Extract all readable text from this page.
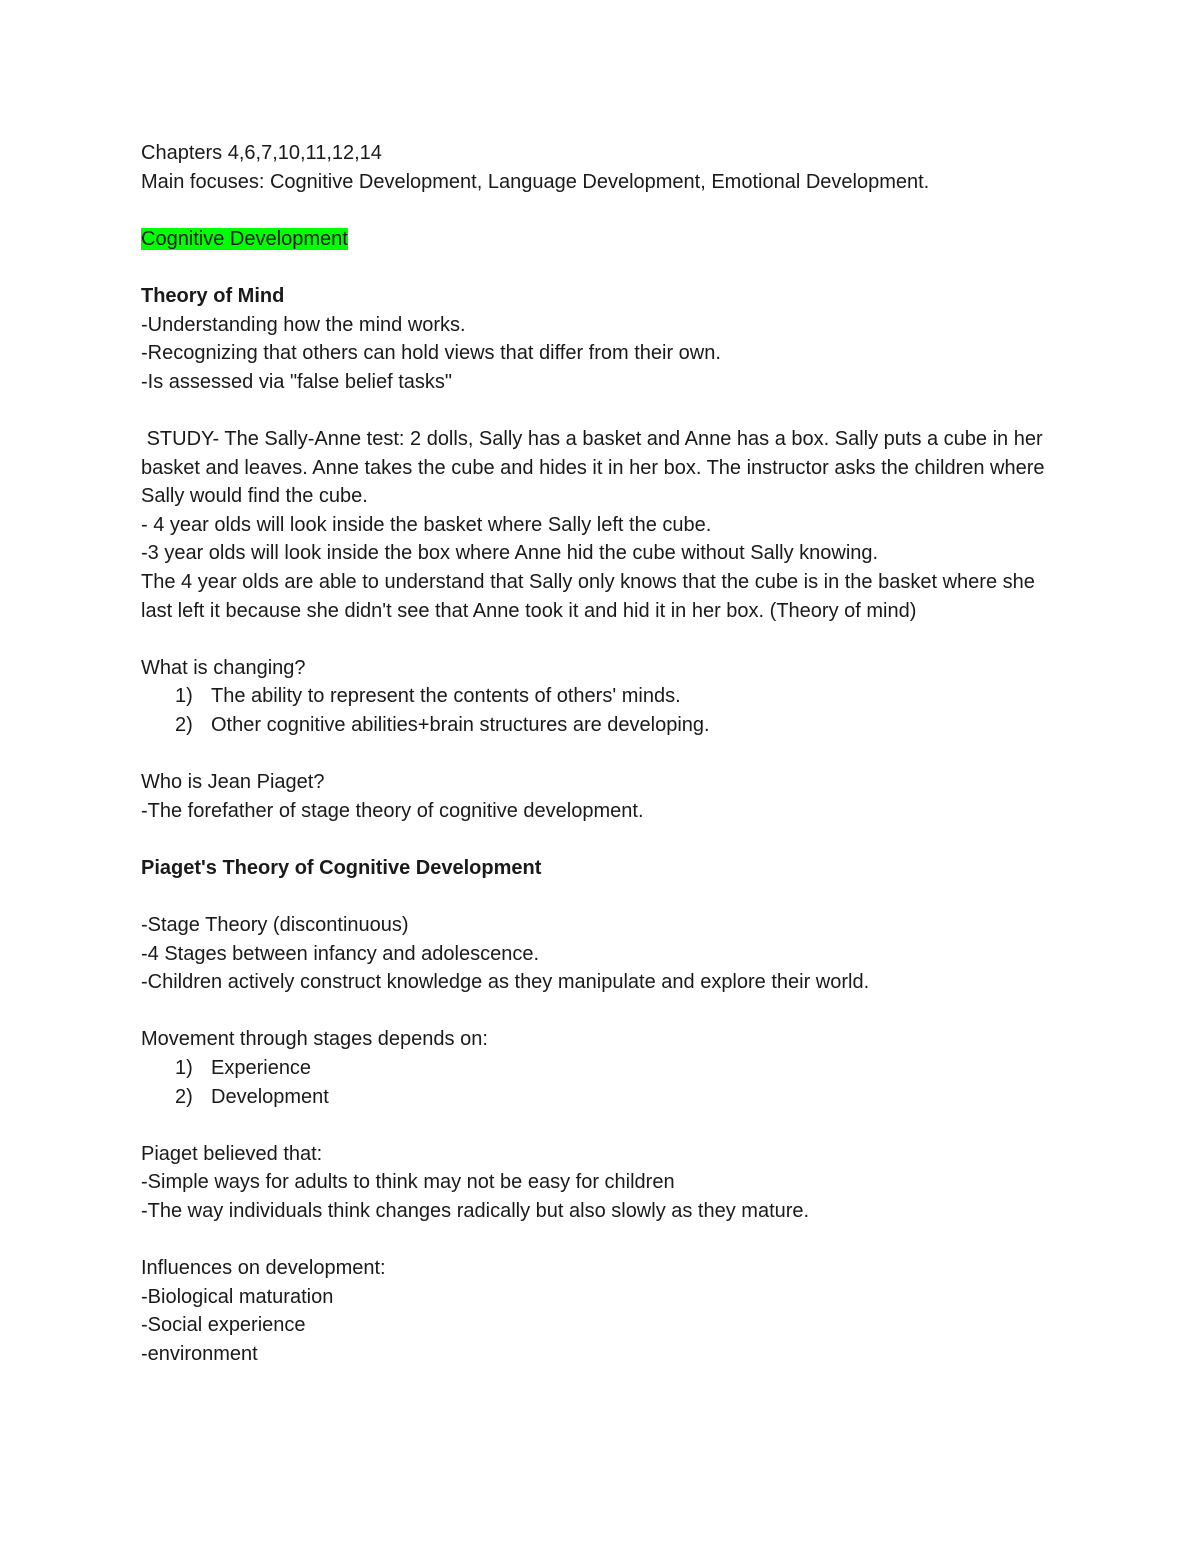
Chapters 4,6,7,10,11,12,14
Main focuses: Cognitive Development, Language Development, Emotional Development.
Cognitive Development
Theory of Mind
-Understanding how the mind works.
-Recognizing that others can hold views that differ from their own.
-Is assessed via "false belief tasks"
STUDY- The Sally-Anne test: 2 dolls, Sally has a basket and Anne has a box. Sally puts a cube in her basket and leaves. Anne takes the cube and hides it in her box. The instructor asks the children where Sally would find the cube.
- 4 year olds will look inside the basket where Sally left the cube.
-3 year olds will look inside the box where Anne hid the cube without Sally knowing.
The 4 year olds are able to understand that Sally only knows that the cube is in the basket where she last left it because she didn't see that Anne took it and hid it in her box. (Theory of mind)
What is changing?
1) The ability to represent the contents of others' minds.
2) Other cognitive abilities+brain structures are developing.
Who is Jean Piaget?
-The forefather of stage theory of cognitive development.
Piaget's Theory of Cognitive Development
-Stage Theory (discontinuous)
-4 Stages between infancy and adolescence.
-Children actively construct knowledge as they manipulate and explore their world.
Movement through stages depends on:
1) Experience
2) Development
Piaget believed that:
-Simple ways for adults to think may not be easy for children
-The way individuals think changes radically but also slowly as they mature.
Influences on development:
-Biological maturation
-Social experience
-environment
